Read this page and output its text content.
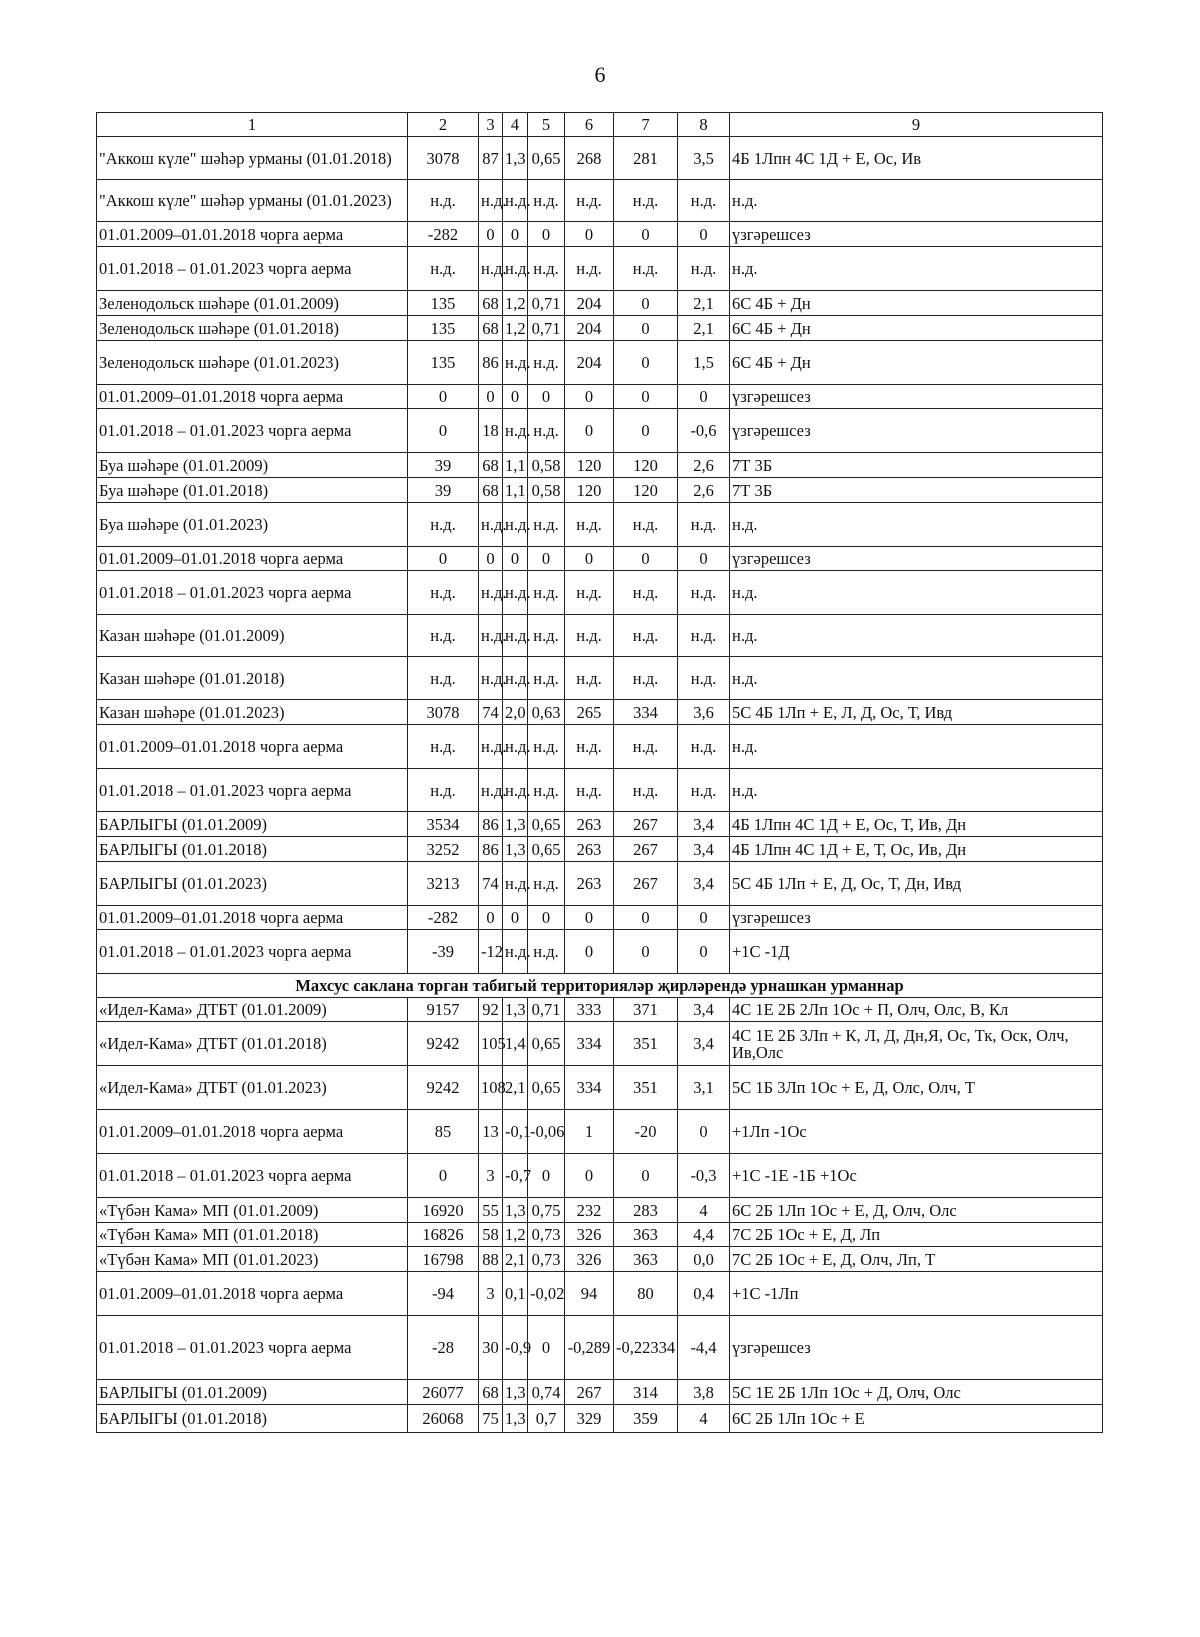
6
1	2	3	4	5	6	7	8	9
"Аккош күле" шәһәр урманы (01.01.2018)	3078	87	1,3	0,65	268	281	3,5	4Б 1Лпн 4С 1Д + Е, Ос, Ив
"Аккош күле" шәһәр урманы (01.01.2023)	н.д.	н.д.	н.д.	н.д.	н.д.	н.д.	н.д.	н.д.
01.01.2009–01.01.2018 чорга аерма	-282	0	0	0	0	0	0	үзгәрешсез
01.01.2018 – 01.01.2023 чорга аерма	н.д.	н.д.	н.д.	н.д.	н.д.	н.д.	н.д.	н.д.
Зеленодольск шәһәре (01.01.2009)	135	68	1,2	0,71	204	0	2,1	6С 4Б + Дн
Зеленодольск шәһәре (01.01.2018)	135	68	1,2	0,71	204	0	2,1	6С 4Б + Дн
Зеленодольск шәһәре (01.01.2023)	135	86	н.д.	н.д.	204	0	1,5	6С 4Б + Дн
01.01.2009–01.01.2018 чорга аерма	0	0	0	0	0	0	0	үзгәрешсез
01.01.2018 – 01.01.2023 чорга аерма	0	18	н.д.	н.д.	0	0	-0,6	үзгәрешсез
Буа шәһәре (01.01.2009)	39	68	1,1	0,58	120	120	2,6	7Т 3Б
Буа шәһәре (01.01.2018)	39	68	1,1	0,58	120	120	2,6	7Т 3Б
Буа шәһәре (01.01.2023)	н.д.	н.д.	н.д.	н.д.	н.д.	н.д.	н.д.	н.д.
01.01.2009–01.01.2018 чорга аерма	0	0	0	0	0	0	0	үзгәрешсез
01.01.2018 – 01.01.2023 чорга аерма	н.д.	н.д.	н.д.	н.д.	н.д.	н.д.	н.д.	н.д.
Казан шәһәре (01.01.2009)	н.д.	н.д.	н.д.	н.д.	н.д.	н.д.	н.д.	н.д.
Казан шәһәре (01.01.2018)	н.д.	н.д.	н.д.	н.д.	н.д.	н.д.	н.д.	н.д.
Казан шәһәре (01.01.2023)	3078	74	2,0	0,63	265	334	3,6	5С 4Б 1Лп + Е, Л, Д, Ос, Т, Ивд
01.01.2009–01.01.2018 чорга аерма	н.д.	н.д.	н.д.	н.д.	н.д.	н.д.	н.д.	н.д.
01.01.2018 – 01.01.2023 чорга аерма	н.д.	н.д.	н.д.	н.д.	н.д.	н.д.	н.д.	н.д.
БАРЛЫГЫ (01.01.2009)	3534	86	1,3	0,65	263	267	3,4	4Б 1Лпн 4С 1Д + Е, Ос, Т, Ив, Дн
БАРЛЫГЫ (01.01.2018)	3252	86	1,3	0,65	263	267	3,4	4Б 1Лпн 4С 1Д + Е, Т, Ос, Ив, Дн
БАРЛЫГЫ (01.01.2023)	3213	74	н.д.	н.д.	263	267	3,4	5С 4Б 1Лп + Е, Д, Ос, Т, Дн, Ивд
01.01.2009–01.01.2018 чорга аерма	-282	0	0	0	0	0	0	үзгәрешсез
01.01.2018 – 01.01.2023 чорга аерма	-39	-12	н.д.	н.д.	0	0	0	+1С -1Д
Махсус саклана торган табигый территорияләр җирләрендә урнашкан урманнар								
«Идел-Кама» ДТБТ (01.01.2009)	9157	92	1,3	0,71	333	371	3,4	4С 1Е 2Б 2Лп 1Ос + П, Олч, Олс, В, Кл
«Идел-Кама» ДТБТ (01.01.2018)	9242	105	1,4	0,65	334	351	3,4	4С 1Е 2Б 3Лп + К, Л, Д, Дн,Я, Ос, Тк, Оск, Олч, Ив,Олс
«Идел-Кама» ДТБТ (01.01.2023)	9242	108	2,1	0,65	334	351	3,1	5С 1Б 3Лп 1Ос + Е, Д, Олс, Олч, Т
01.01.2009–01.01.2018 чорга аерма	85	13	-0,1	-0,06	1	-20	0	+1Лп -1Ос
01.01.2018 – 01.01.2023 чорга аерма	0	3	-0,7	0	0	0	-0,3	+1С -1Е -1Б +1Ос
«Түбән Кама» МП (01.01.2009)	16920	55	1,3	0,75	232	283	4	6С 2Б 1Лп 1Ос + Е, Д, Олч, Олс
«Түбән Кама» МП (01.01.2018)	16826	58	1,2	0,73	326	363	4,4	7С 2Б 1Ос + Е, Д, Лп
«Түбән Кама» МП (01.01.2023)	16798	88	2,1	0,73	326	363	0,0	7С 2Б 1Ос + Е, Д, Олч, Лп, Т
01.01.2009–01.01.2018 чорга аерма	-94	3	0,1	-0,02	94	80	0,4	+1С -1Лп
01.01.2018 – 01.01.2023 чорга аерма	-28	30	-0,9	0	-0,289	-0,22334	-4,4	үзгәрешсез
БАРЛЫГЫ (01.01.2009)	26077	68	1,3	0,74	267	314	3,8	5С 1Е 2Б 1Лп 1Ос + Д, Олч, Олс
БАРЛЫГЫ (01.01.2018)	26068	75	1,3	0,7	329	359	4	6С 2Б 1Лп 1Ос + Е
